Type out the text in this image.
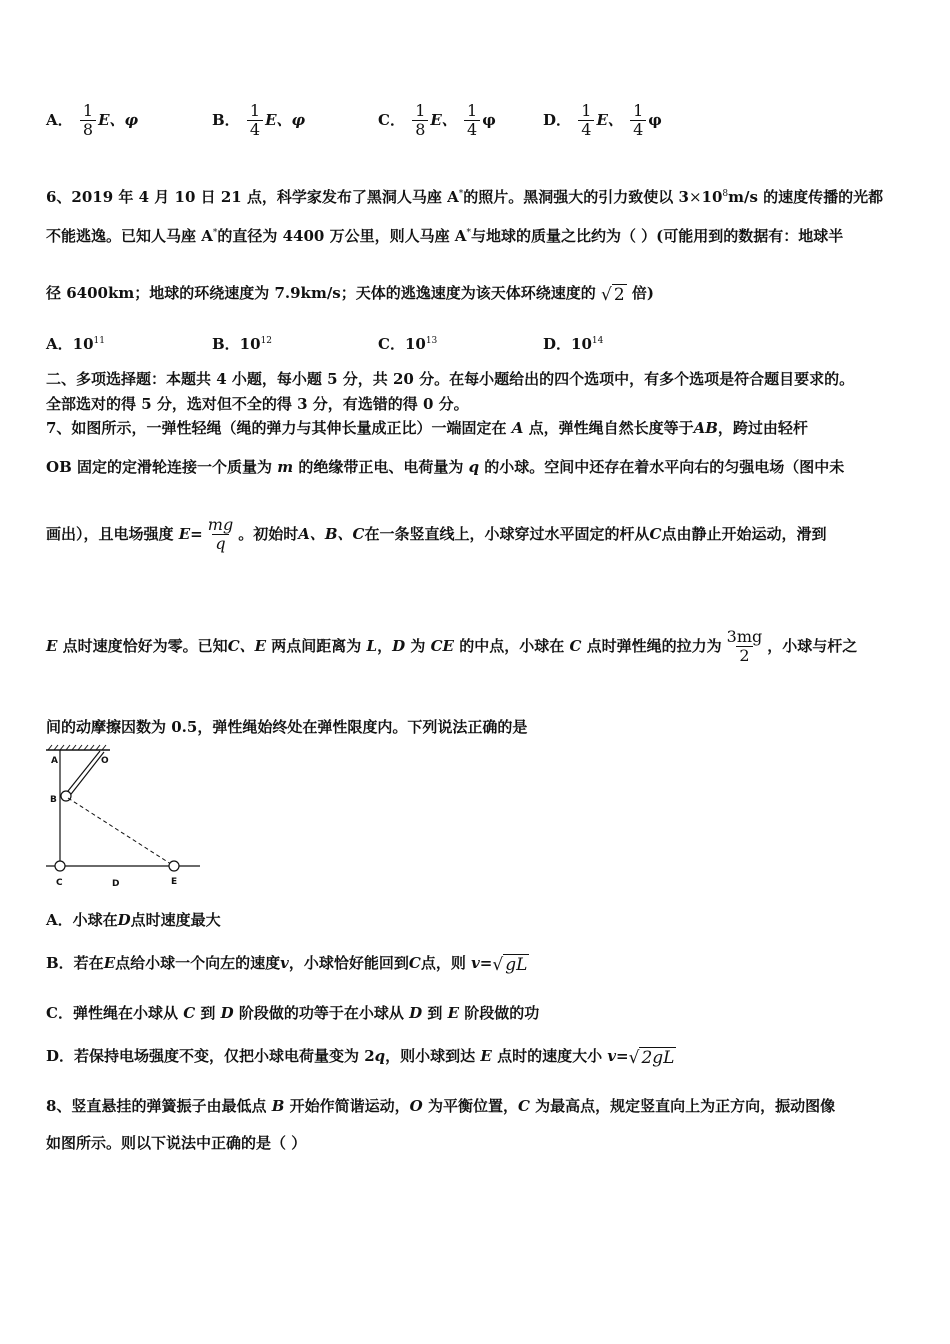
A． $\frac{1}{8}$ E、φ	B． $\frac{1}{4}$ E、φ	C． $\frac{1}{8}$ E、 $\frac{1}{4}$ φ	D． $\frac{1}{4}$ E、 $\frac{1}{4}$ φ
6、2019 年 4 月 10 日 21 点，科学家发布了黑洞人马座 A*的照片。黑洞强大的引力致使以 $3\times 10^8m/s$ 的速度传播的光都
不能逃逸。已知人马座 A*的直径为 4400 万公里，则人马座 A*与地球的质量之比约为（ ）(可能用到的数据有：地球半
径 6400km；地球的环绕速度为 7.9km/s；天体的逃逸速度为该天体环绕速度的 √ 2 倍)
A．$10^{11}$	B．$10^{12}$	C．$10^{13}$	D．$10^{14}$
二、多项选择题：本题共 4 小题，每小题 5 分，共 20 分。在每小题给出的四个选项中，有多个选项是符合题目要求的。
全部选对的得 5 分，选对但不全的得 3 分，有选错的得 0 分。
7、如图所示，一弹性轻绳（绳的弹力与其伸长量成正比）一端固定在 A 点，弹性绳自然长度等于AB，跨过由轻杆
OB 固定的定滑轮连接一个质量为 m 的绝缘带正电、电荷量为 q 的小球。空间中还存在着水平向右的匀强电场（图中未
画出），且电场强度 $E= \frac{mg}{q}$ 。初始时A、B、C在一条竖直线上，小球穿过水平固定的杆从C点由静止开始运动，滑到
E 点时速度恰好为零。已知C、E 两点间距离为 L，D 为 CE 的中点，小球在 C 点时弹性绳的拉力为 $\frac{3mg}{2}$ ，小球与杆之
间的动摩擦因数为 0.5，弹性绳始终处在弹性限度内。下列说法正确的是
A	O
B
C	D	E
A．小球在D点时速度最大
B．若在E点给小球一个向左的速度v，小球恰好能回到C点，则 v=√ gL
C．弹性绳在小球从 C 到 D 阶段做的功等于在小球从 D 到 E 阶段做的功
D．若保持电场强度不变，仅把小球电荷量变为 2q，则小球到达 E 点时的速度大小 v=√ 2gL
8、竖直悬挂的弹簧振子由最低点 B 开始作简谐运动，O 为平衡位置，C 为最高点，规定竖直向上为正方向，振动图像
如图所示。则以下说法中正确的是（ ）
